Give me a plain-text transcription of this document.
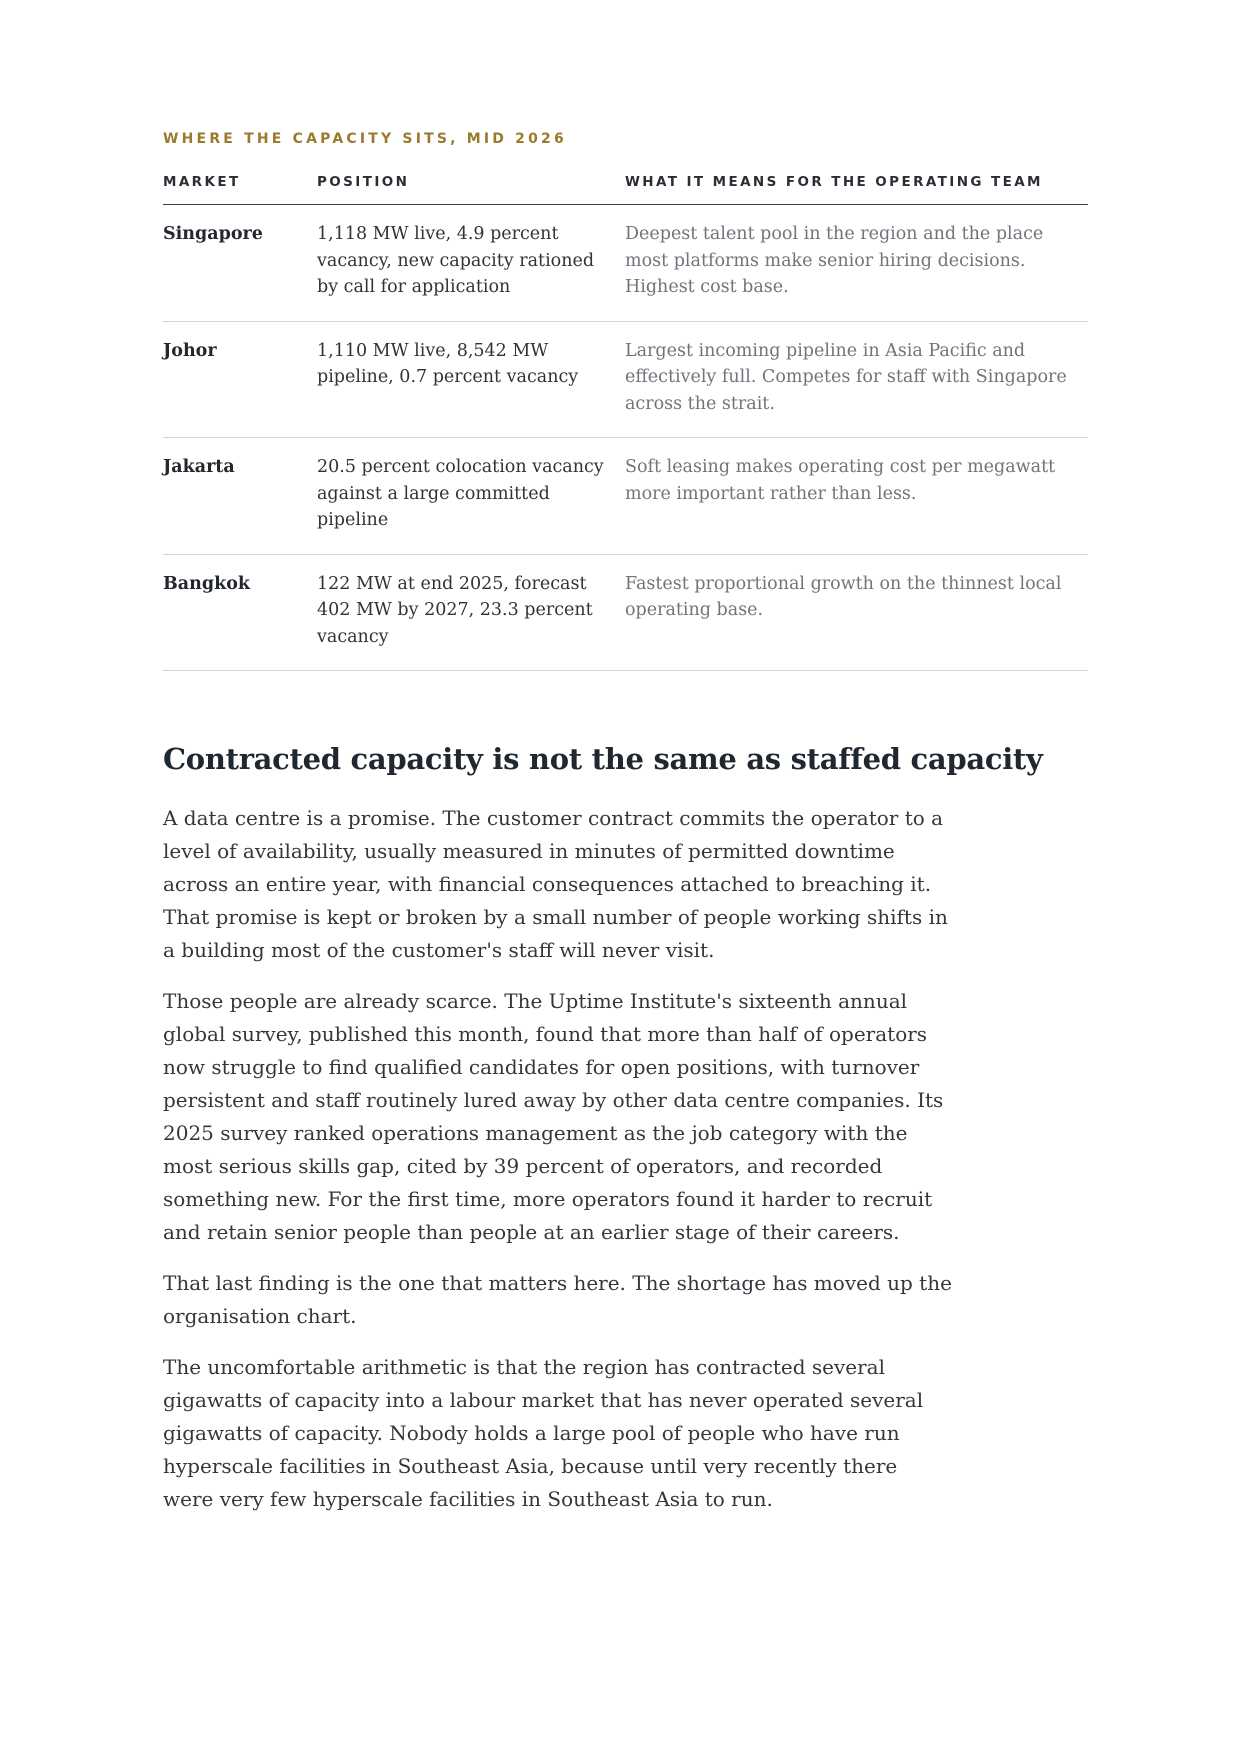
WHERE THE CAPACITY SITS, MID 2026
MARKET	POSITION	WHAT IT MEANS FOR THE OPERATING TEAM
Singapore	1,118 MW live, 4.9 percent vacancy, new capacity rationed by call for application	Deepest talent pool in the region and the place most platforms make senior hiring decisions. Highest cost base.
Johor	1,110 MW live, 8,542 MW pipeline, 0.7 percent vacancy	Largest incoming pipeline in Asia Pacific and effectively full. Competes for staff with Singapore across the strait.
Jakarta	20.5 percent colocation vacancy against a large committed pipeline	Soft leasing makes operating cost per megawatt more important rather than less.
Bangkok	122 MW at end 2025, forecast 402 MW by 2027, 23.3 percent vacancy	Fastest proportional growth on the thinnest local operating base.
Contracted capacity is not the same as staffed capacity

A data centre is a promise. The customer contract commits the operator to a level of availability, usually measured in minutes of permitted downtime across an entire year, with financial consequences attached to breaching it. That promise is kept or broken by a small number of people working shifts in a building most of the customer's staff will never visit.

Those people are already scarce. The Uptime Institute's sixteenth annual global survey, published this month, found that more than half of operators now struggle to find qualified candidates for open positions, with turnover persistent and staff routinely lured away by other data centre companies. Its 2025 survey ranked operations management as the job category with the most serious skills gap, cited by 39 percent of operators, and recorded something new. For the first time, more operators found it harder to recruit and retain senior people than people at an earlier stage of their careers.

That last finding is the one that matters here. The shortage has moved up the organisation chart.

The uncomfortable arithmetic is that the region has contracted several gigawatts of capacity into a labour market that has never operated several gigawatts of capacity. Nobody holds a large pool of people who have run hyperscale facilities in Southeast Asia, because until very recently there were very few hyperscale facilities in Southeast Asia to run.
